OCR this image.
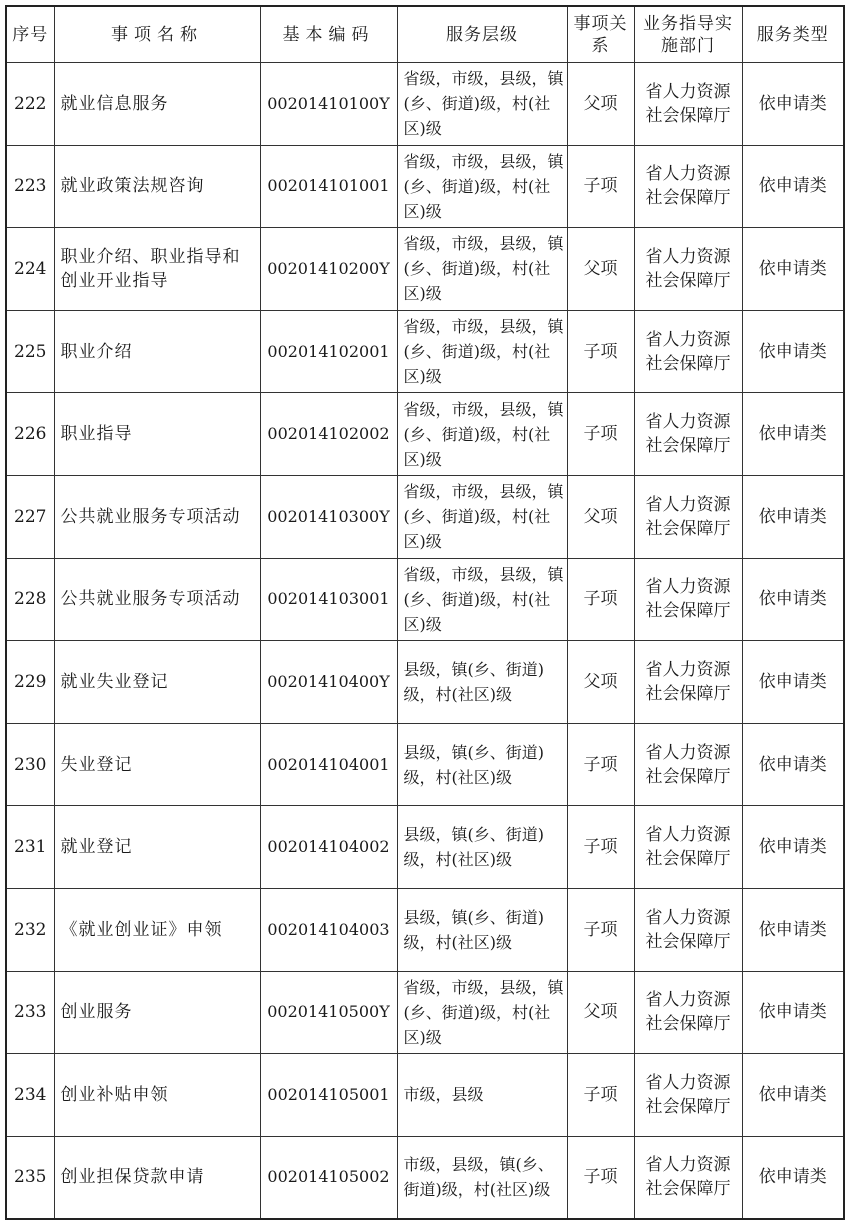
序号	事项名称	基本编码	服务层级	事项关系	业务指导实施部门	服务类型
222	就业信息服务	00201410100Y	省级，市级，县级，镇(乡、街道)级，村(社区)级	父项	省人力资源社会保障厅	依申请类
223	就业政策法规咨询	002014101001	省级，市级，县级，镇(乡、街道)级，村(社区)级	子项	省人力资源社会保障厅	依申请类
224	职业介绍、职业指导和创业开业指导	00201410200Y	省级，市级，县级，镇(乡、街道)级，村(社区)级	父项	省人力资源社会保障厅	依申请类
225	职业介绍	002014102001	省级，市级，县级，镇(乡、街道)级，村(社区)级	子项	省人力资源社会保障厅	依申请类
226	职业指导	002014102002	省级，市级，县级，镇(乡、街道)级，村(社区)级	子项	省人力资源社会保障厅	依申请类
227	公共就业服务专项活动	00201410300Y	省级，市级，县级，镇(乡、街道)级，村(社区)级	父项	省人力资源社会保障厅	依申请类
228	公共就业服务专项活动	002014103001	省级，市级，县级，镇(乡、街道)级，村(社区)级	子项	省人力资源社会保障厅	依申请类
229	就业失业登记	00201410400Y	县级，镇(乡、街道)级，村(社区)级	父项	省人力资源社会保障厅	依申请类
230	失业登记	002014104001	县级，镇(乡、街道)级，村(社区)级	子项	省人力资源社会保障厅	依申请类
231	就业登记	002014104002	县级，镇(乡、街道)级，村(社区)级	子项	省人力资源社会保障厅	依申请类
232	《就业创业证》申领	002014104003	县级，镇(乡、街道)级，村(社区)级	子项	省人力资源社会保障厅	依申请类
233	创业服务	00201410500Y	省级，市级，县级，镇(乡、街道)级，村(社区)级	父项	省人力资源社会保障厅	依申请类
234	创业补贴申领	002014105001	市级，县级	子项	省人力资源社会保障厅	依申请类
235	创业担保贷款申请	002014105002	市级，县级，镇(乡、街道)级，村(社区)级	子项	省人力资源社会保障厅	依申请类
